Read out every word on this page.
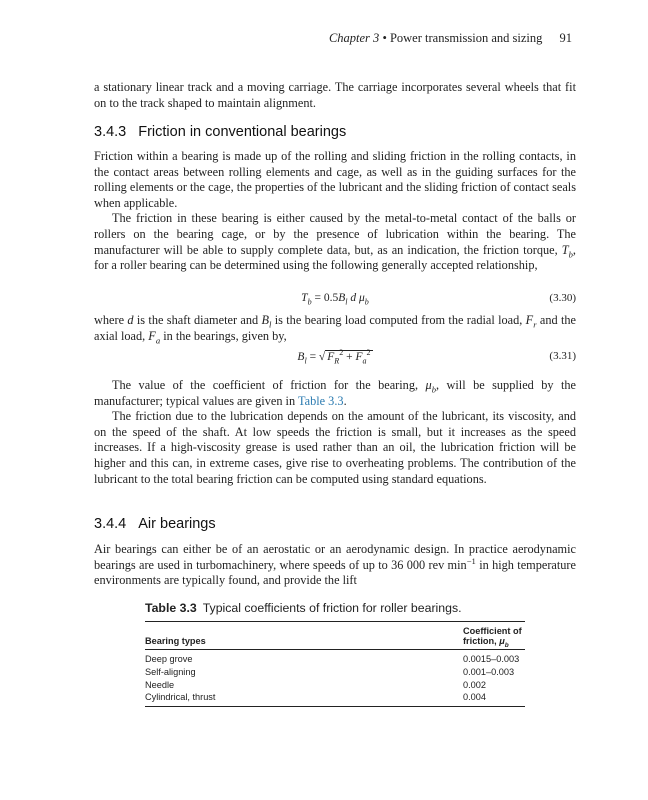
Chapter 3 • Power transmission and sizing 91

a stationary linear track and a moving carriage. The carriage incorporates several wheels that fit on to the track shaped to maintain alignment.

3.4.3 Friction in conventional bearings

Friction within a bearing is made up of the rolling and sliding friction in the rolling contacts, in the contact areas between rolling elements and cage, as well as in the guiding surfaces for the rolling elements or the cage, the properties of the lubricant and the sliding friction of contact seals when applicable.

The friction in these bearing is either caused by the metal-to-metal contact of the balls or rollers on the bearing cage, or by the presence of lubrication within the bearing. The manufacturer will be able to supply complete data, but, as an indication, the friction torque, $T_b$, for a roller bearing can be determined using the following generally accepted relationship,

$T_b = 0.5B_l$ d $\mu_b$	(3.30)

where d is the shaft diameter and $B_l$ is the bearing load computed from the radial load, $F_r$ and the axial load, $F_a$ in the bearings, given by,

$B_l$ = √ $F_R^2 + F_a^2$	(3.31)

The value of the coefficient of friction for the bearing, $\mu_b$, will be supplied by the manufacturer; typical values are given in Table 3.3.

The friction due to the lubrication depends on the amount of the lubricant, its viscosity, and on the speed of the shaft. At low speeds the friction is small, but it increases as the speed increases. If a high-viscosity grease is used rather than an oil, the lubrication friction will be higher and this can, in extreme cases, give rise to overheating problems. The contribution of the lubricant to the total bearing friction can be computed using standard equations.

3.4.4 Air bearings

Air bearings can either be of an aerostatic or an aerodynamic design. In practice aerodynamic bearings are used in turbomachinery, where speeds of up to 36 000 rev $\min^{-1}$ in high temperature environments are typically found, and provide the lift

Table 3.3 Typical coefficients of friction for roller bearings.
Bearing types	Coefficient of
friction, $\mu_b$
Deep grove	0.0015–0.003
Self-aligning	0.001–0.003
Needle	0.002
Cylindrical, thrust	0.004
